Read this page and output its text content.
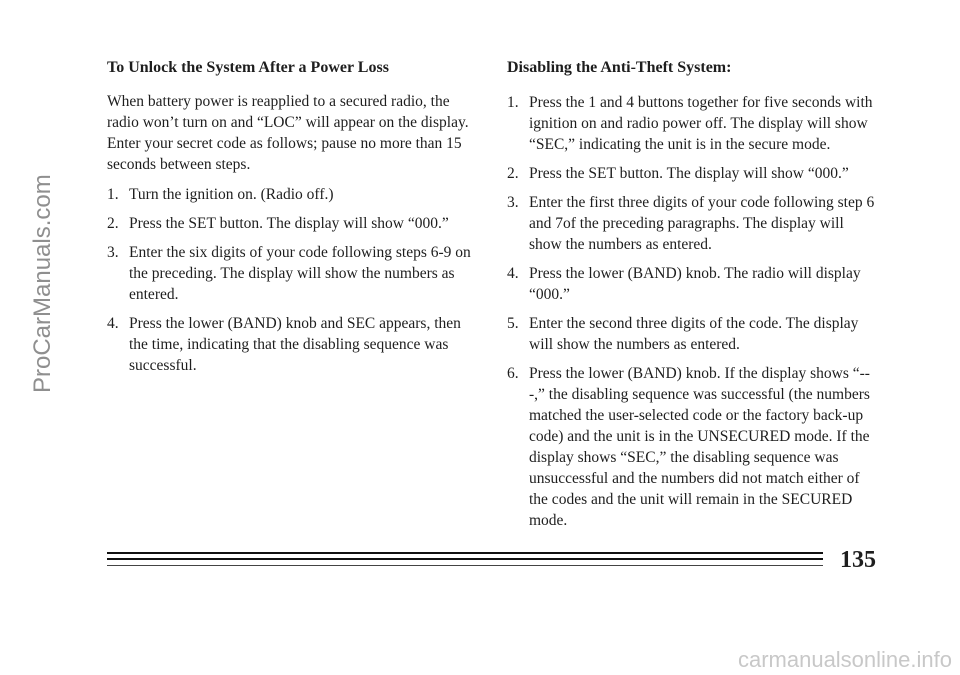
ProCarManuals.com
To Unlock the System After a Power Loss

When battery power is reapplied to a secured radio, the radio won’t turn on and “LOC” will appear on the display. Enter your secret code as follows; pause no more than 15 seconds between steps.

1. Turn the ignition on. (Radio off.)
2. Press the SET button. The display will show “000.”
3. Enter the six digits of your code following steps 6-9 on the preceding. The display will show the numbers as entered.
4. Press the lower (BAND) knob and SEC appears, then the time, indicating that the disabling sequence was successful.
Disabling the Anti-Theft System:
1. Press the 1 and 4 buttons together for five seconds with ignition on and radio power off. The display will show “SEC,” indicating the unit is in the secure mode.
2. Press the SET button. The display will show “000.”
3. Enter the first three digits of your code following step 6 and 7of the preceding paragraphs. The display will show the numbers as entered.
4. Press the lower (BAND) knob. The radio will display “000.”
5. Enter the second three digits of the code. The display will show the numbers as entered.
6. Press the lower (BAND) knob. If the display shows “---,” the disabling sequence was successful (the numbers matched the user-selected code or the factory back-up code) and the unit is in the UNSECURED mode. If the display shows “SEC,” the disabling sequence was unsuccessful and the numbers did not match either of the codes and the unit will remain in the SECURED mode.
135
carmanualsonline.info
